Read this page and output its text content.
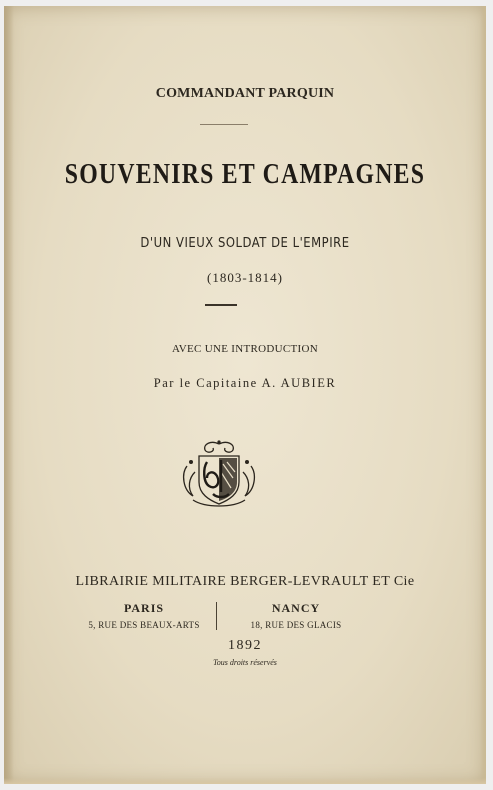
COMMANDANT PARQUIN
SOUVENIRS ET CAMPAGNES
D'UN VIEUX SOLDAT DE L'EMPIRE
(1803-1814)
AVEC UNE INTRODUCTION
Par le Capitaine A. AUBIER
LIBRAIRIE MILITAIRE BERGER-LEVRAULT ET Cie
PARIS
5, RUE DES BEAUX-ARTS
NANCY
18, RUE DES GLACIS
1892
Tous droits réservés
